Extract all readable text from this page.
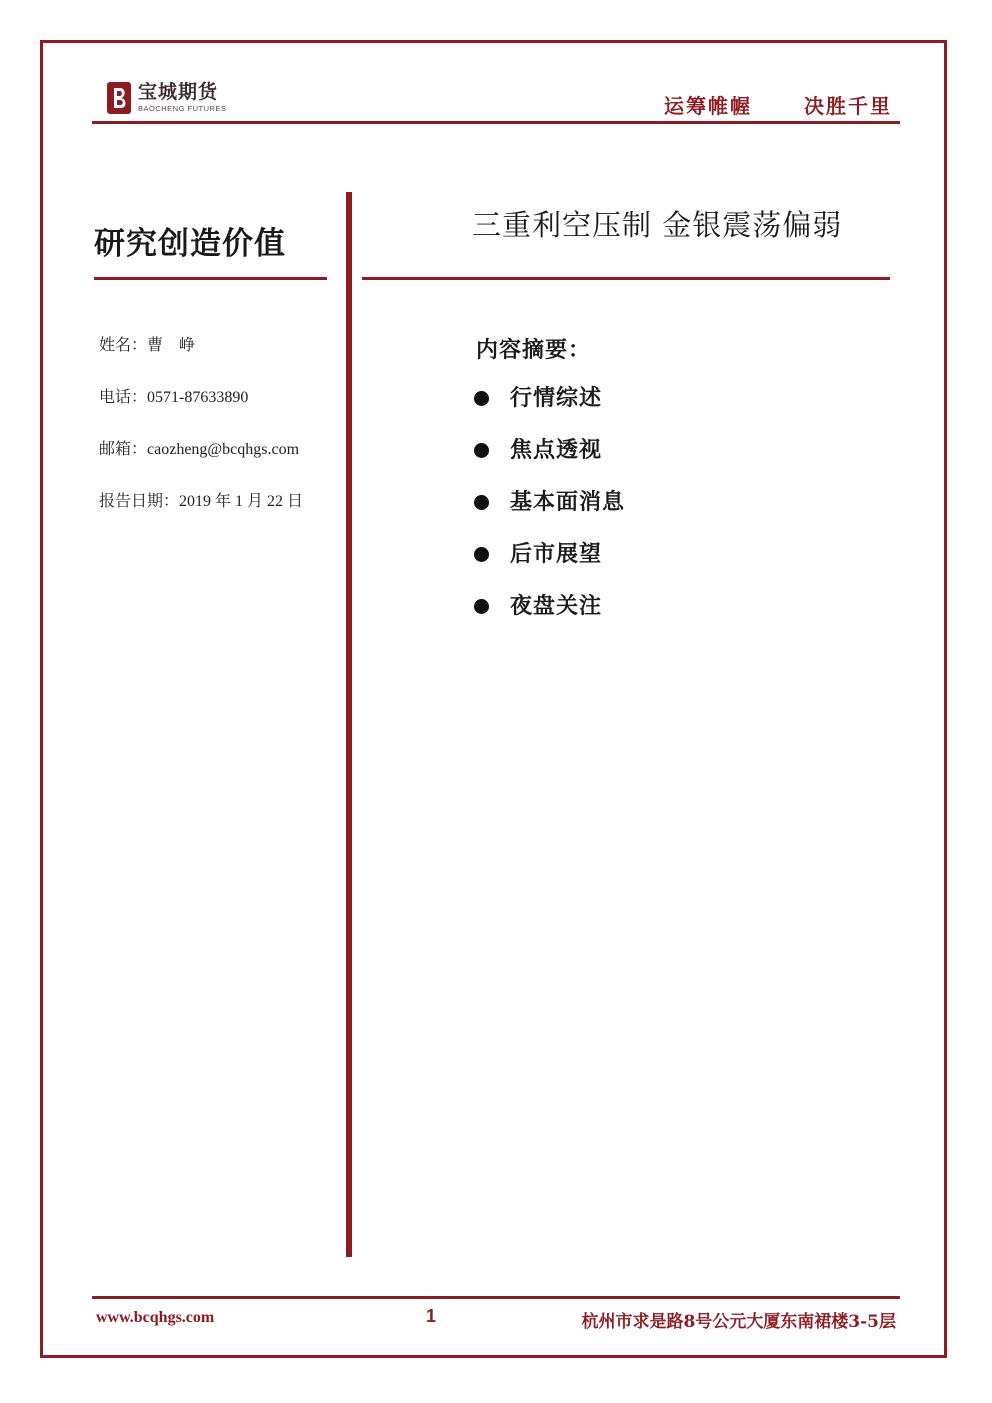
宝城期货
BAOCHENG FUTURES	运筹帷幄	决胜千里
研究创造价值
姓名：曹　峥
电话：0571-87633890
邮箱：caozheng@bcqhgs.com
报告日期：2019 年 1 月 22 日
三重利空压制 金银震荡偏弱
内容摘要：
行情综述
焦点透视
基本面消息
后市展望
夜盘关注
www.bcqhgs.com	1	杭州市求是路8号公元大厦东南裙楼3-5层
